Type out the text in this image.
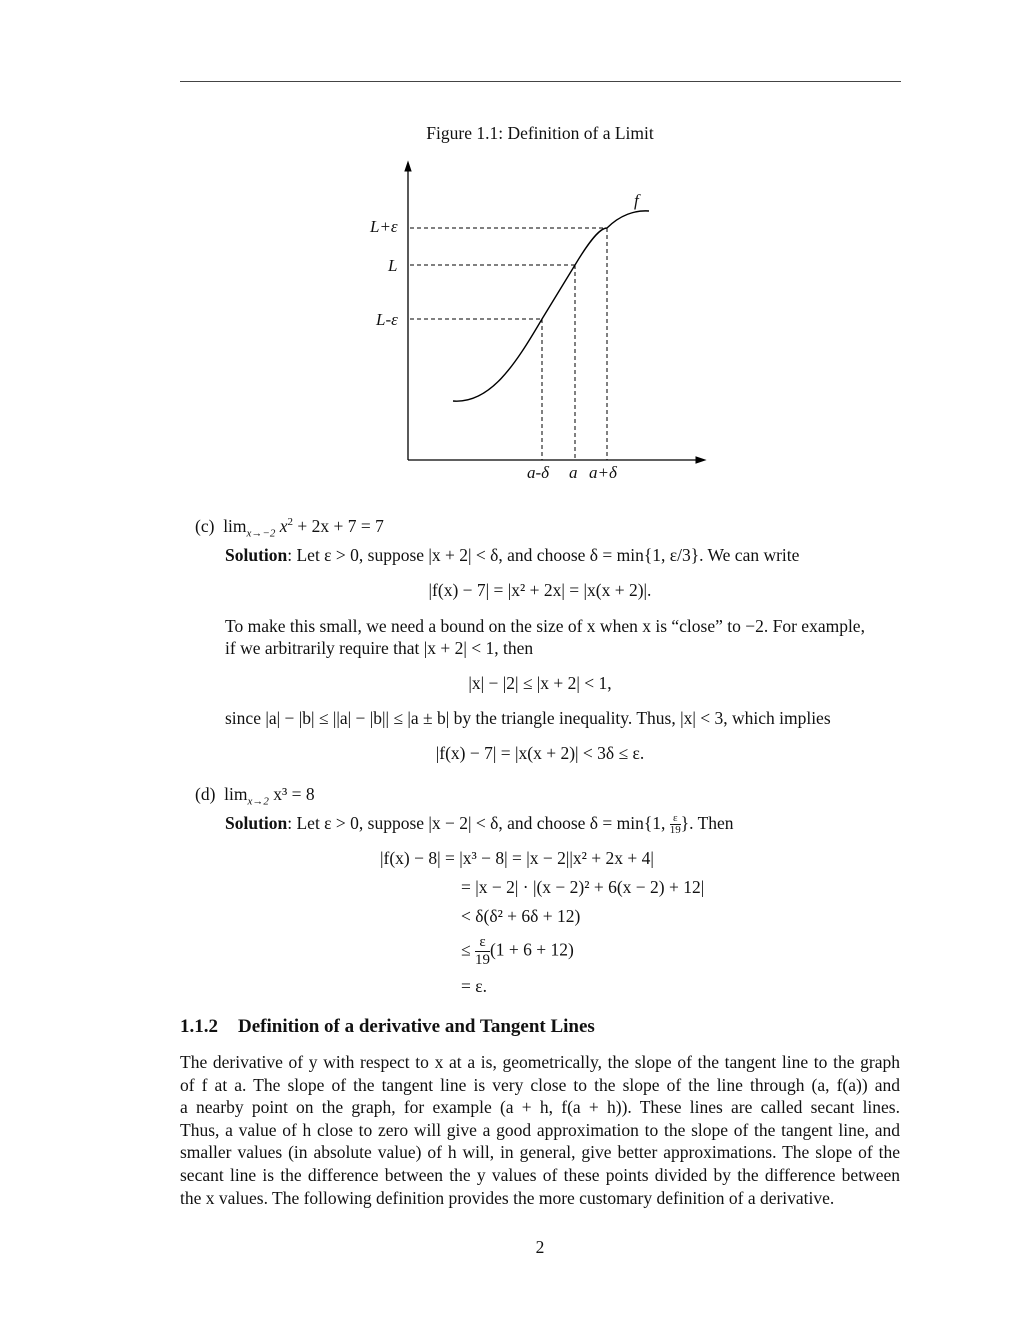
Figure 1.1: Definition of a Limit
f
L+ε
L
L-ε
a-δ a a+δ
(c) $\lim_{x\to-2} x^2 + 2x + 7 = 7$
Solution: Let ε > 0, suppose |x + 2| < δ, and choose δ = min{1, ε/3}. We can write
|f(x) − 7| = |x² + 2x| = |x(x + 2)|.
To make this small, we need a bound on the size of x when x is “close” to −2. For example,
if we arbitrarily require that |x + 2| < 1, then
|x| − |2| ≤ |x + 2| < 1,
since |a| − |b| ≤ ||a| − |b|| ≤ |a ± b| by the triangle inequality. Thus, |x| < 3, which implies
|f(x) − 7| = |x(x + 2)| < 3δ ≤ ε.
(d) $\lim_{x\to 2} x^3 = 8$
Solution: Let ε > 0, suppose |x − 2| < δ, and choose δ = min{1, $\frac{\varepsilon}{19}$ }. Then
|f(x) − 8| = |x³ − 8| = |x − 2||x² + 2x + 4|
= |x − 2| · |(x − 2)² + 6(x − 2) + 12|
< δ(δ² + 6δ + 12)
≤ $\frac{\varepsilon}{19} (1 + 6 + 12)$
= ε.
1.1.2 Definition of a derivative and Tangent Lines
The derivative of y with respect to x at a is, geometrically, the slope of the tangent line to the graph
of f at a. The slope of the tangent line is very close to the slope of the line through (a, f(a)) and
a nearby point on the graph, for example (a + h, f(a + h)). These lines are called secant lines.
Thus, a value of h close to zero will give a good approximation to the slope of the tangent line, and
smaller values (in absolute value) of h will, in general, give better approximations. The slope of the
secant line is the difference between the y values of these points divided by the difference between
the x values. The following definition provides the more customary definition of a derivative.
2
